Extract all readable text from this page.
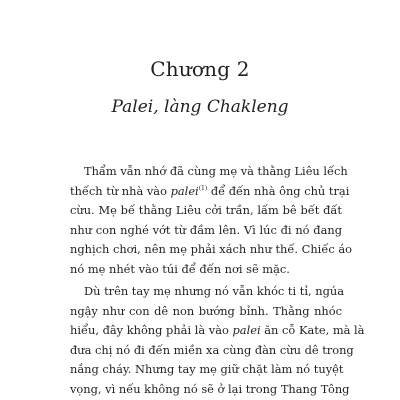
Chương 2
Palei, làng Chakleng
Thẩm vẫn nhớ đã cùng mẹ và thằng Liêu lếch
thếch từ nhà vào palei$^{(1)}$ để đến nhà ông chủ trại
cừu. Mẹ bế thằng Liêu cởi trần, lấm bê bết đất
như con nghé vớt từ đầm lên. Vì lúc đi nó đang
nghịch chơi, nên mẹ phải xách như thế. Chiếc áo
nó mẹ nhét vào túi để đến nơi sẽ mặc.
Dù trên tay mẹ nhưng nó vẫn khóc ti tỉ, ngúa
ngậy như con dê non bướng bỉnh. Thằng nhóc
hiểu, đây không phải là vào palei ăn cỗ Kate, mà là
đưa chị nó đi đến miền xa cùng đàn cừu dê trong
nắng cháy. Nhưng tay mẹ giữ chặt làm nó tuyệt
vọng, vì nếu không nó sẽ ở lại trong Thang Tông
